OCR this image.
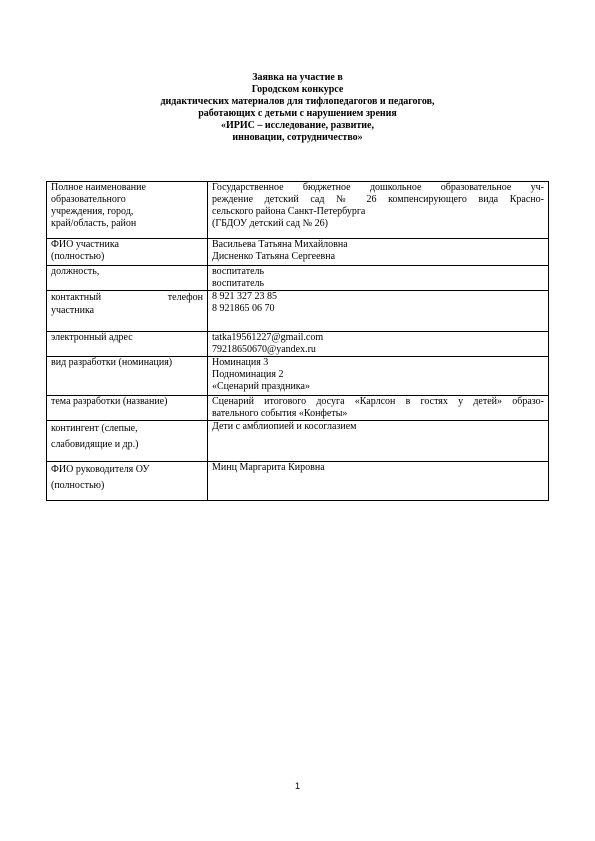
Заявка на участие в
Городском конкурсе
дидактических материалов для тифлопедагогов и педагогов,
работающих с детьми с нарушением зрения
«ИРИС – исследование, развитие,
инновации, сотрудничество»
Полное наименование
образовательного
учреждения, город,
край/область, район	Государственное бюджетное дошкольное образовательное уч-
реждение детский сад № 26 компенсирующего вида Красно-
сельского района Санкт-Петербурга
(ГБДОУ детский сад № 26)

ФИО участника
(полностью)	Васильева Татьяна Михайловна
Дисненко Татьяна Сергеевна

должность,	воспитатель
воспитатель

контактный телефон
участника	8 921 327 23 85
8 921865 06 70

электронный адрес	tatka19561227@gmail.com
79218650670@yandex.ru

вид разработки (номинация)	Номинация 3
Подноминация 2
«Сценарий праздника»

тема разработки (название)	Сценарий итогового досуга «Карлсон в гостях у детей» образо-
вательного события «Конфеты»

контингент (слепые,
слабовидящие и др.)	Дети с амблиопией и косоглазием

ФИО руководителя ОУ
(полностью)	Минц Маргарита Кировна
1
